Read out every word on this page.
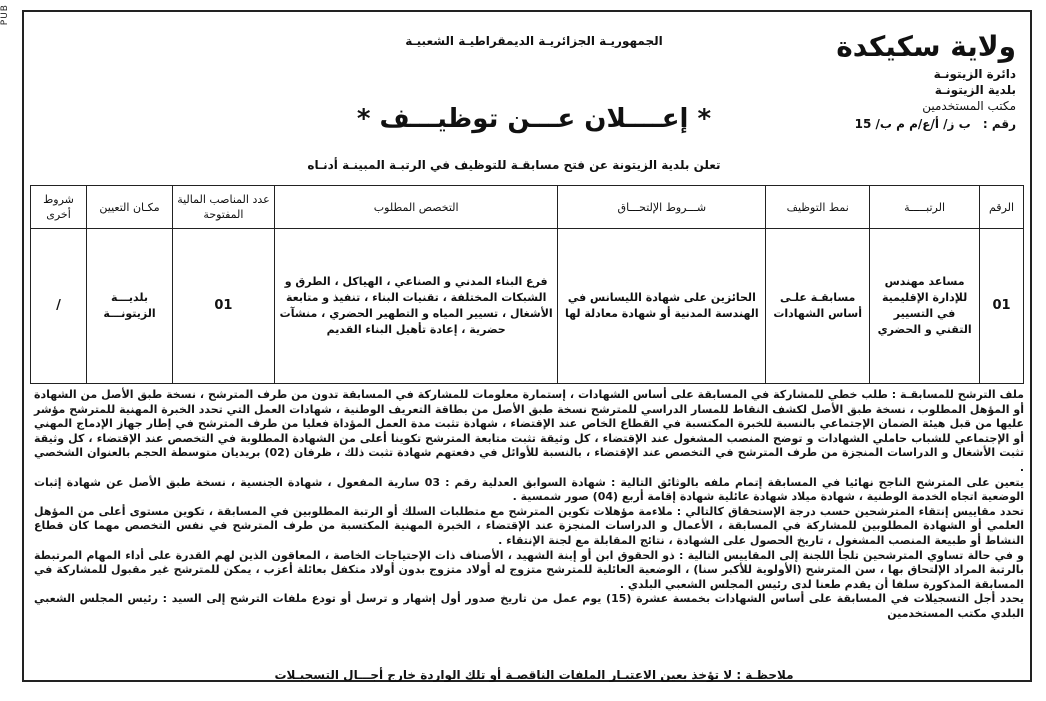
PUB
ولاية سكيكدة
دائرة الزيتونـة
بلدية الزيتونـة
مكتب المستخدمين
رقم : ب ز/ أ/ع/م م ب/ 15
الجمهوريـة الجزائريـة الديمقراطيـة الشعبيـة
* إعــــلان عـــن توظيـــف *
تعلن بلدية الزيتونة عن فتح مسابقـة للتوظيف في الرتبـة المبينـة أدنـاه
الرقم	الرتبـــــة	نمط التوظيف	شـــروط الإلتحـــاق	التخصص المطلوب	عدد المناصب المالية المفتوحة	مكـان التعيين	شروط أخرى
01	مساعد مهندس للإدارة الإقليمية في التسيير التقني و الحضري	مسابقـة علـى أساس الشهادات	الحائزين على شهادة الليسانس في الهندسة المدنية أو شهادة معادلة لها	فرع البناء المدني و الصناعي ، الهياكل ، الطرق و الشبكات المختلفة ، تقنيات البناء ، تنفيذ و متابعة الأشغال ، تسيير المياه و التطهير الحضري ، منشآت حضرية ، إعادة تأهيل البناء القديم	01	بلديـــة الزيتونـــة	/

ملف الترشح للمسابقـة : طلب خطي للمشاركة في المسابقة على أساس الشهادات ، إستمارة معلومات للمشاركة في المسابقة تدون من طرف المترشح ، نسخة طبق الأصل من الشهادة أو المؤهل المطلوب ، نسخة طبق الأصل لكشف النقاط للمسار الدراسي للمترشح نسخة طبق الأصل من بطاقة التعريف الوطنية ، شهادات العمل التي تحدد الخبرة المهنية للمترشح مؤشر عليها من قبل هيئة الضمان الإجتماعي بالنسبة للخبرة المكتسبة في القطاع الخاص عند الإقتضاء ، شهادة تثبت مدة العمل المؤداة فعليا من طرف المترشح في إطار جهاز الإدماج المهني أو الإجتماعي للشباب حاملي الشهادات و توضح المنصب المشغول عند الإقتضاء ، كل وثيقة تثبت متابعة المترشح تكوينا أعلى من الشهادة المطلوبة في التخصص عند الإقتضاء ، كل وثيقة تثبت الأشغال و الدراسات المنجزة من طرف المترشح في التخصص عند الإقتضاء ، بالنسبة للأوائل في دفعتهم شهادة تثبت ذلك ، ظرفان (02) بريديان متوسطة الحجم بالعنوان الشخصي .

يتعين على المترشح الناجح نهائيا في المسابقة إتمام ملفه بالوثائق التالية : شهادة السوابق العدلية رقم : 03 سارية المفعول ، شهادة الجنسية ، نسخة طبق الأصل عن شهادة إثبات الوضعية اتجاه الخدمة الوطنية ، شهادة ميلاد شهادة عائلية شهادة إقامة أربع (04) صور شمسية .

تحدد مقاييس إنتقاء المترشحين حسب درجة الإستحقاق كالتالي : ملاءمة مؤهلات تكوين المترشح مع متطلبات السلك أو الرتبة المطلوبين في المسابقة ، تكوين مستوى أعلى من المؤهل العلمي أو الشهادة المطلوبين للمشاركة في المسابقة ، الأعمال و الدراسات المنجزة عند الإقتضاء ، الخبرة المهنية المكتسبة من طرف المترشح في نفس التخصص مهما كان قطاع النشاط أو طبيعة المنصب المشغول ، تاريخ الحصول على الشهادة ، نتائج المقابلة مع لجنة الإنتقاء .

و في حالة تساوي المترشحين تلجأ اللجنة إلى المقاييس التالية : ذو الحقوق ابن أو إبنة الشهيد ، الأصناف ذات الإحتياجات الخاصة ، المعاقون الذين لهم القدرة على أداء المهام المرتبطة بالرتبة المراد الإلتحاق بها ، سن المترشح (الأولوية للأكبر سنا) ، الوضعية العائلية للمترشح متزوج له أولاد متزوج بدون أولاد متكفل بعائلة أعزب ، يمكن للمترشح غير مقبول للمشاركة في المسابقة المذكورة سلفا أن يقدم طعنا لدى رئيس المجلس الشعبي البلدي .

يحدد أجل التسجيلات في المسابقة على أساس الشهادات بخمسة عشرة (15) يوم عمل من تاريخ صدور أول إشهار و ترسل أو تودع ملفات الترشح إلى السيد : رئيس المجلس الشعبي البلدي مكتب المستخدمين

ملاحظـة : لا تؤخذ بعين الاعتبـار الملفات الناقصـة أو تلك الواردة خارج أجـــال التسجيـلات
